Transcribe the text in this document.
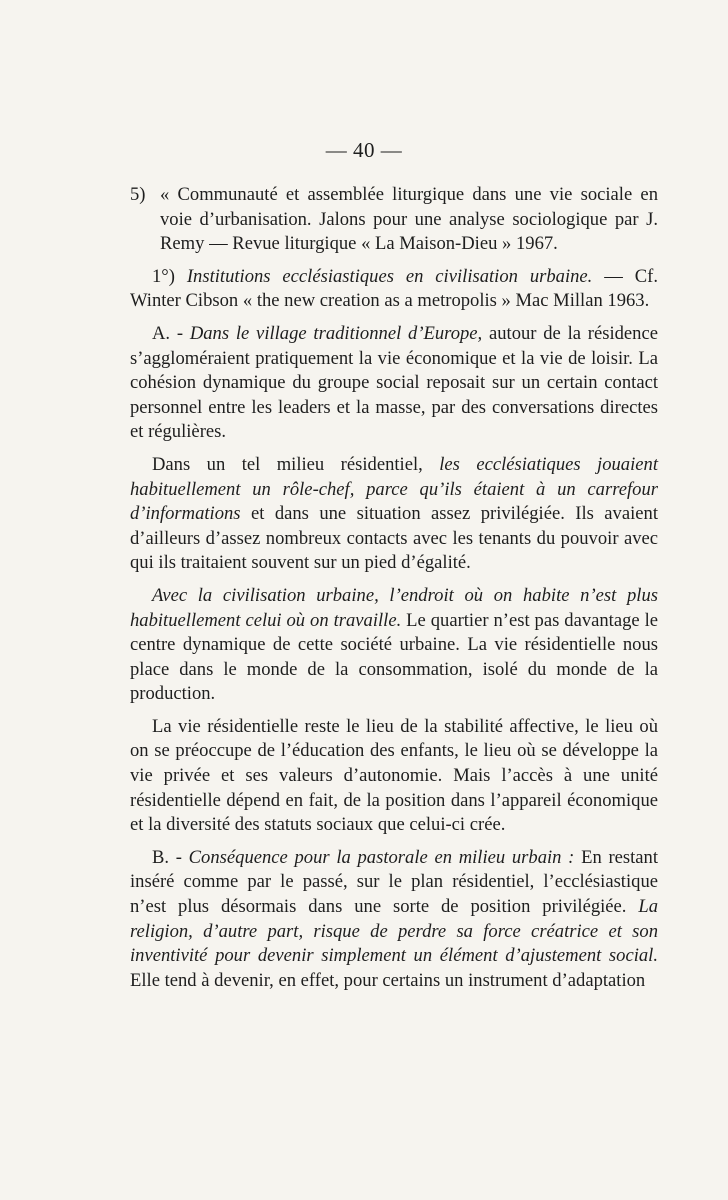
— 40 —

5) « Communauté et assemblée liturgique dans une vie sociale en voie d’urbanisation. Jalons pour une analyse sociologique par J. Remy — Revue liturgique « La Maison-Dieu » 1967.

1°) Institutions ecclésiastiques en civilisation urbaine. — Cf. Winter Cibson « the new creation as a metropolis » Mac Millan 1963.

A. - Dans le village traditionnel d’Europe, autour de la résidence s’aggloméraient pratiquement la vie économique et la vie de loisir. La cohésion dynamique du groupe social reposait sur un certain contact personnel entre les leaders et la masse, par des conversations directes et régulières.

Dans un tel milieu résidentiel, les ecclésiatiques jouaient habituellement un rôle-chef, parce qu’ils étaient à un carrefour d’informations et dans une situation assez privilégiée. Ils avaient d’ailleurs d’assez nombreux contacts avec les tenants du pouvoir avec qui ils traitaient souvent sur un pied d’égalité.

Avec la civilisation urbaine, l’endroit où on habite n’est plus habituellement celui où on travaille. Le quartier n’est pas davantage le centre dynamique de cette société urbaine. La vie résidentielle nous place dans le monde de la consommation, isolé du monde de la production.

La vie résidentielle reste le lieu de la stabilité affective, le lieu où on se préoccupe de l’éducation des enfants, le lieu où se développe la vie privée et ses valeurs d’autonomie. Mais l’accès à une unité résidentielle dépend en fait, de la position dans l’appareil économique et la diversité des statuts sociaux que celui-ci crée.

B. - Conséquence pour la pastorale en milieu urbain : En restant inséré comme par le passé, sur le plan résidentiel, l’ecclésiastique n’est plus désormais dans une sorte de position privilégiée. La religion, d’autre part, risque de perdre sa force créatrice et son inventivité pour devenir simplement un élément d’ajustement social. Elle tend à devenir, en effet, pour certains un instrument d’adaptation
